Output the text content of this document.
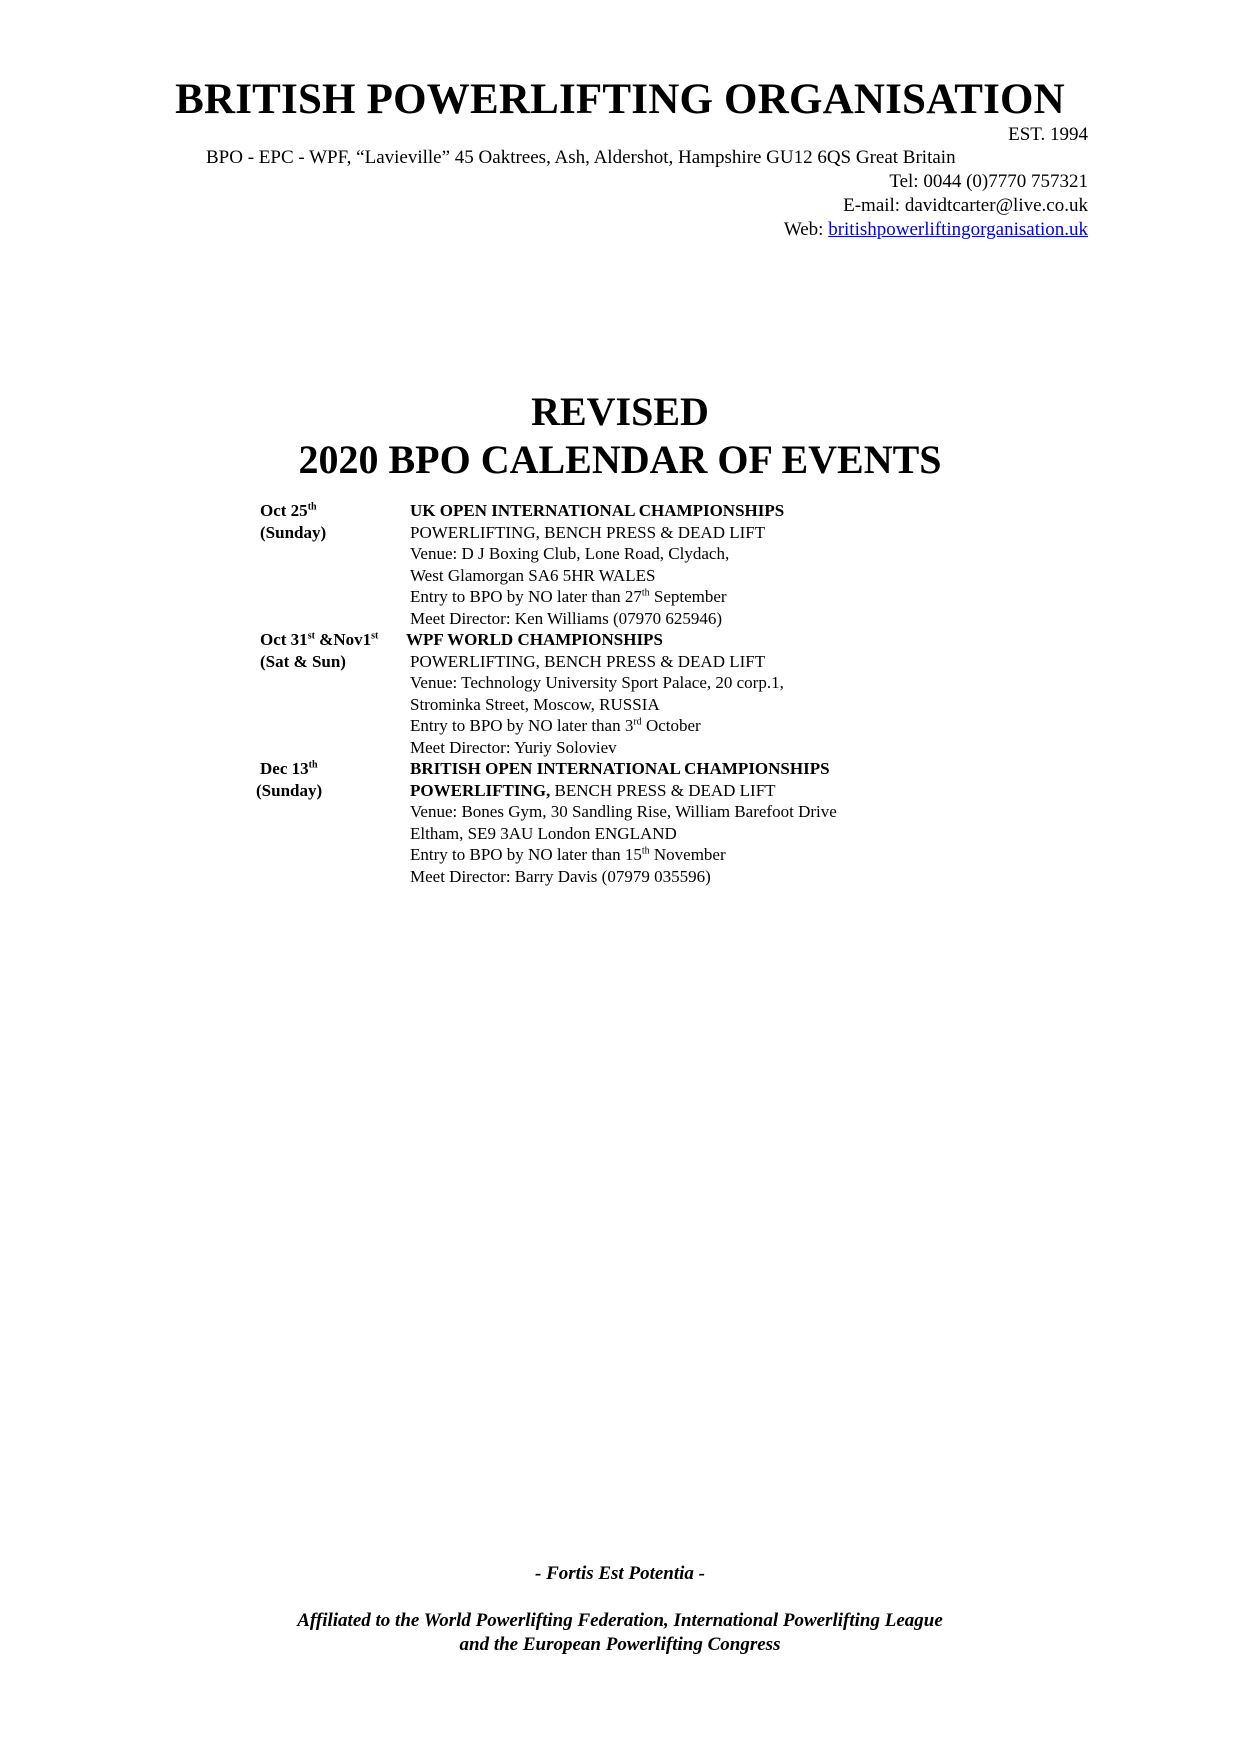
BRITISH POWERLIFTING ORGANISATION
EST. 1994
BPO - EPC - WPF, “Lavieville” 45 Oaktrees, Ash, Aldershot, Hampshire GU12 6QS Great Britain
Tel: 0044 (0)7770 757321
E-mail: davidtcarter@live.co.uk
Web: britishpowerliftingorganisation.uk
REVISED
2020 BPO CALENDAR OF EVENTS
Oct 25th
(Sunday)
UK OPEN INTERNATIONAL CHAMPIONSHIPS
POWERLIFTING, BENCH PRESS & DEAD LIFT
Venue: D J Boxing Club, Lone Road, Clydach,
West Glamorgan SA6 5HR WALES
Entry to BPO by NO later than 27th September
Meet Director: Ken Williams (07970 625946)
Oct 31st &Nov1st
(Sat & Sun)
WPF WORLD CHAMPIONSHIPS
POWERLIFTING, BENCH PRESS & DEAD LIFT
Venue: Technology University Sport Palace, 20 corp.1,
Strominka Street, Moscow, RUSSIA
Entry to BPO by NO later than 3rd October
Meet Director: Yuriy Soloviev
Dec 13th
(Sunday)
BRITISH OPEN INTERNATIONAL CHAMPIONSHIPS
POWERLIFTING, BENCH PRESS & DEAD LIFT
Venue: Bones Gym, 30 Sandling Rise, William Barefoot Drive
Eltham, SE9 3AU London ENGLAND
Entry to BPO by NO later than 15th November
Meet Director: Barry Davis (07979 035596)
- Fortis Est Potentia -
Affiliated to the World Powerlifting Federation, International Powerlifting League
and the European Powerlifting Congress
